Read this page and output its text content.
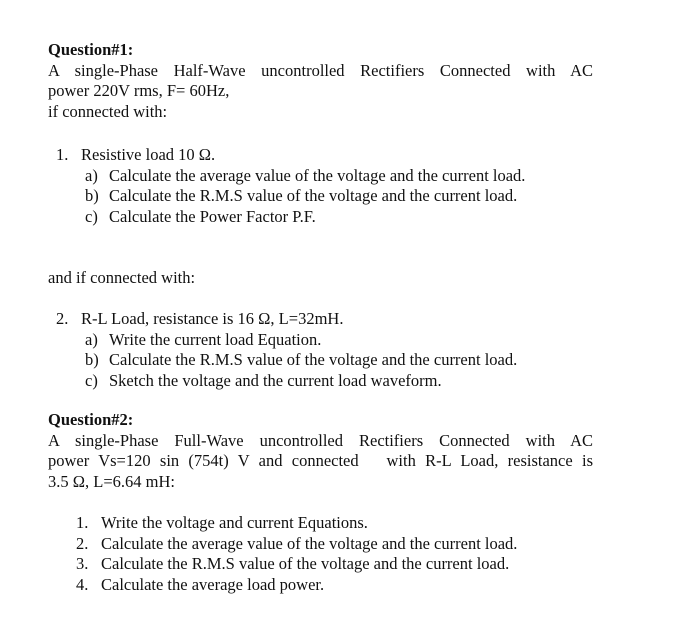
Question#1:

A single-Phase Half-Wave uncontrolled Rectifiers Connected with AC

power 220V rms, F= 60Hz,

if connected with:

1. Resistive load 10 Ω.
a) Calculate the average value of the voltage and the current load.
b) Calculate the R.M.S value of the voltage and the current load.
c) Calculate the Power Factor P.F.

and if connected with:

2. R-L Load, resistance is 16 Ω, L=32mH.
a) Write the current load Equation.
b) Calculate the R.M.S value of the voltage and the current load.
c) Sketch the voltage and the current load waveform.

Question#2:

A single-Phase Full-Wave uncontrolled Rectifiers Connected with AC

power Vs=120 sin (754t) V and connected   with R-L Load, resistance is

3.5 Ω, L=6.64 mH:

1. Write the voltage and current Equations.
2. Calculate the average value of the voltage and the current load.
3. Calculate the R.M.S value of the voltage and the current load.
4. Calculate the average load power.
